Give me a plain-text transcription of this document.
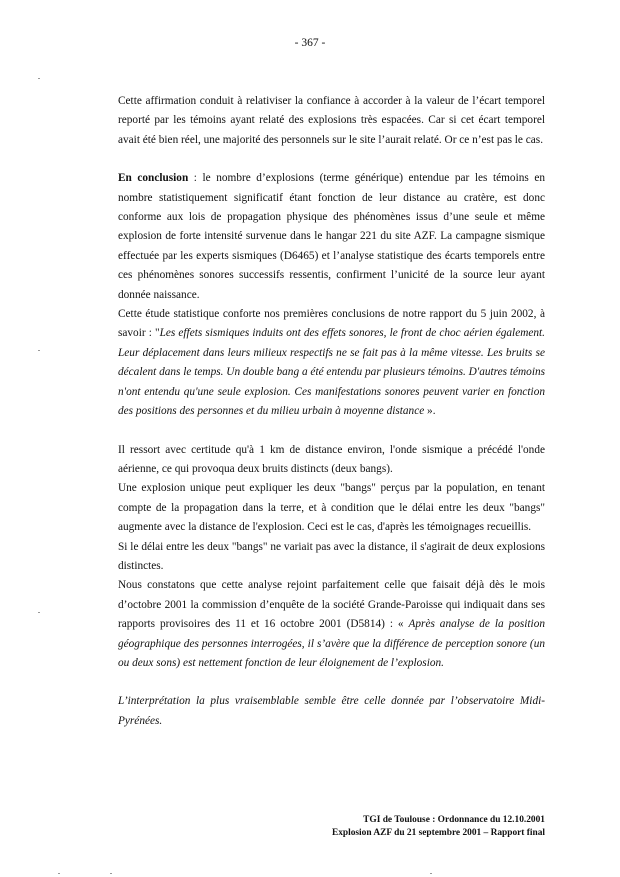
- 367 -

Cette affirmation conduit à relativiser la confiance à accorder à la valeur de l’écart temporel reporté par les témoins ayant relaté des explosions très espacées. Car si cet écart temporel avait été bien réel, une majorité des personnels sur le site l’aurait relaté. Or ce n’est pas le cas.

En conclusion : le nombre d’explosions (terme générique) entendue par les témoins en nombre statistiquement significatif étant fonction de leur distance au cratère, est donc conforme aux lois de propagation physique des phénomènes issus d’une seule et même explosion de forte intensité survenue dans le hangar 221 du site AZF. La campagne sismique effectuée par les experts sismiques (D6465) et l’analyse statistique des écarts temporels entre ces phénomènes sonores successifs ressentis, confirment l’unicité de la source leur ayant donnée naissance.

Cette étude statistique conforte nos premières conclusions de notre rapport du 5 juin 2002, à savoir : "Les effets sismiques induits ont des effets sonores, le front de choc aérien également. Leur déplacement dans leurs milieux respectifs ne se fait pas à la même vitesse. Les bruits se décalent dans le temps. Un double bang a été entendu par plusieurs témoins. D'autres témoins n'ont entendu qu'une seule explosion. Ces manifestations sonores peuvent varier en fonction des positions des personnes et du milieu urbain à moyenne distance ».

Il ressort avec certitude qu'à 1 km de distance environ, l'onde sismique a précédé l'onde aérienne, ce qui provoqua deux bruits distincts (deux bangs).

Une explosion unique peut expliquer les deux "bangs" perçus par la population, en tenant compte de la propagation dans la terre, et à condition que le délai entre les deux "bangs" augmente avec la distance de l'explosion. Ceci est le cas, d'après les témoignages recueillis.

Si le délai entre les deux "bangs" ne variait pas avec la distance, il s'agirait de deux explosions distinctes.

Nous constatons que cette analyse rejoint parfaitement celle que faisait déjà dès le mois d’octobre 2001 la commission d’enquête de la société Grande-Paroisse qui indiquait dans ses rapports provisoires des 11 et 16 octobre 2001 (D5814) : « Après analyse de la position géographique des personnes interrogées, il s’avère que la différence de perception sonore (un ou deux sons) est nettement fonction de leur éloignement de l’explosion.

L’interprétation la plus vraisemblable semble être celle donnée par l’observatoire Midi-Pyrénées.

TGI de Toulouse : Ordonnance du 12.10.2001
Explosion AZF du 21 septembre 2001 – Rapport final
